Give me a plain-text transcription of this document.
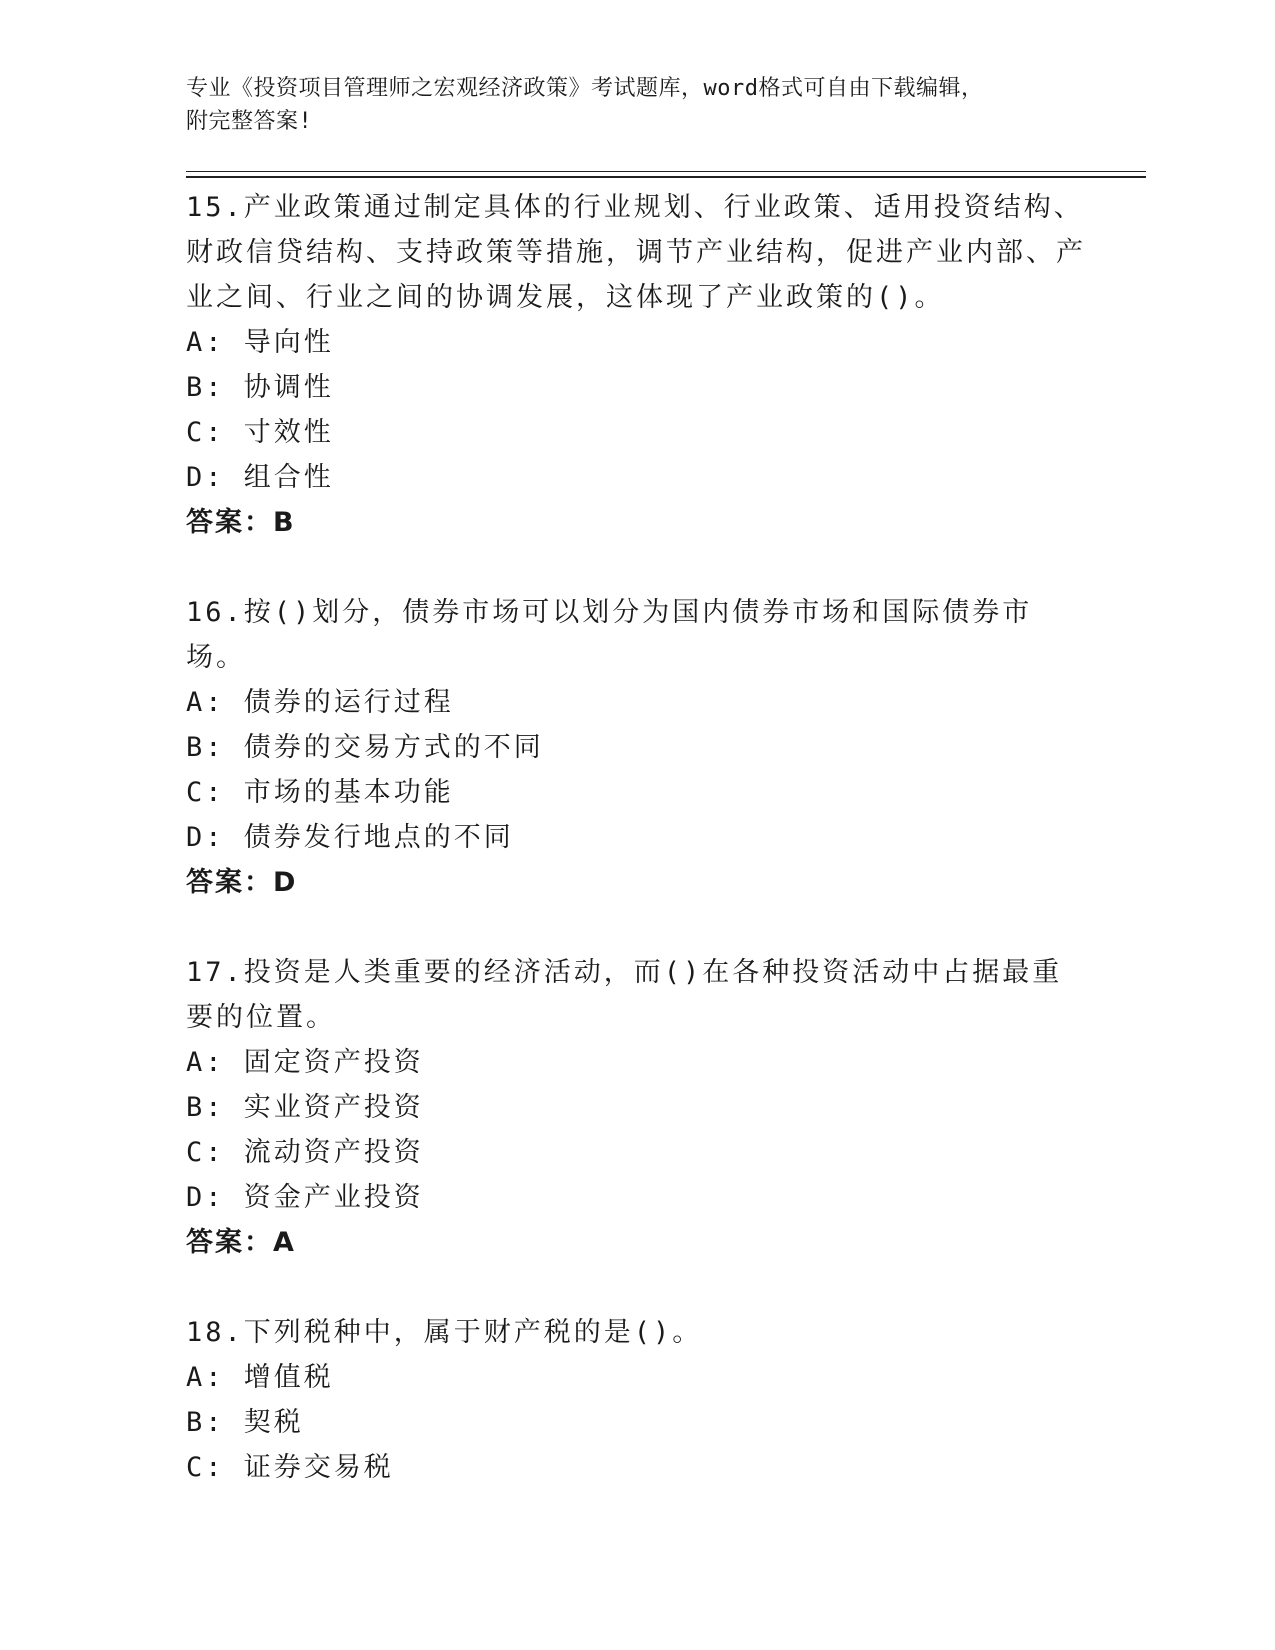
专业《投资项目管理师之宏观经济政策》考试题库，word格式可自由下载编辑，
附完整答案!

15.产业政策通过制定具体的行业规划、行业政策、适用投资结构、财政信贷结构、支持政策等措施，调节产业结构，促进产业内部、产业之间、行业之间的协调发展，这体现了产业政策的()。

A: 导向性

B: 协调性

C: 寸效性

D: 组合性

答案：B

16.按()划分，债券市场可以划分为国内债券市场和国际债券市场。

A: 债券的运行过程

B: 债券的交易方式的不同

C: 市场的基本功能

D: 债券发行地点的不同

答案：D

17.投资是人类重要的经济活动，而()在各种投资活动中占据最重要的位置。

A: 固定资产投资

B: 实业资产投资

C: 流动资产投资

D: 资金产业投资

答案：A

18.下列税种中，属于财产税的是()。

A: 增值税

B: 契税

C: 证券交易税
